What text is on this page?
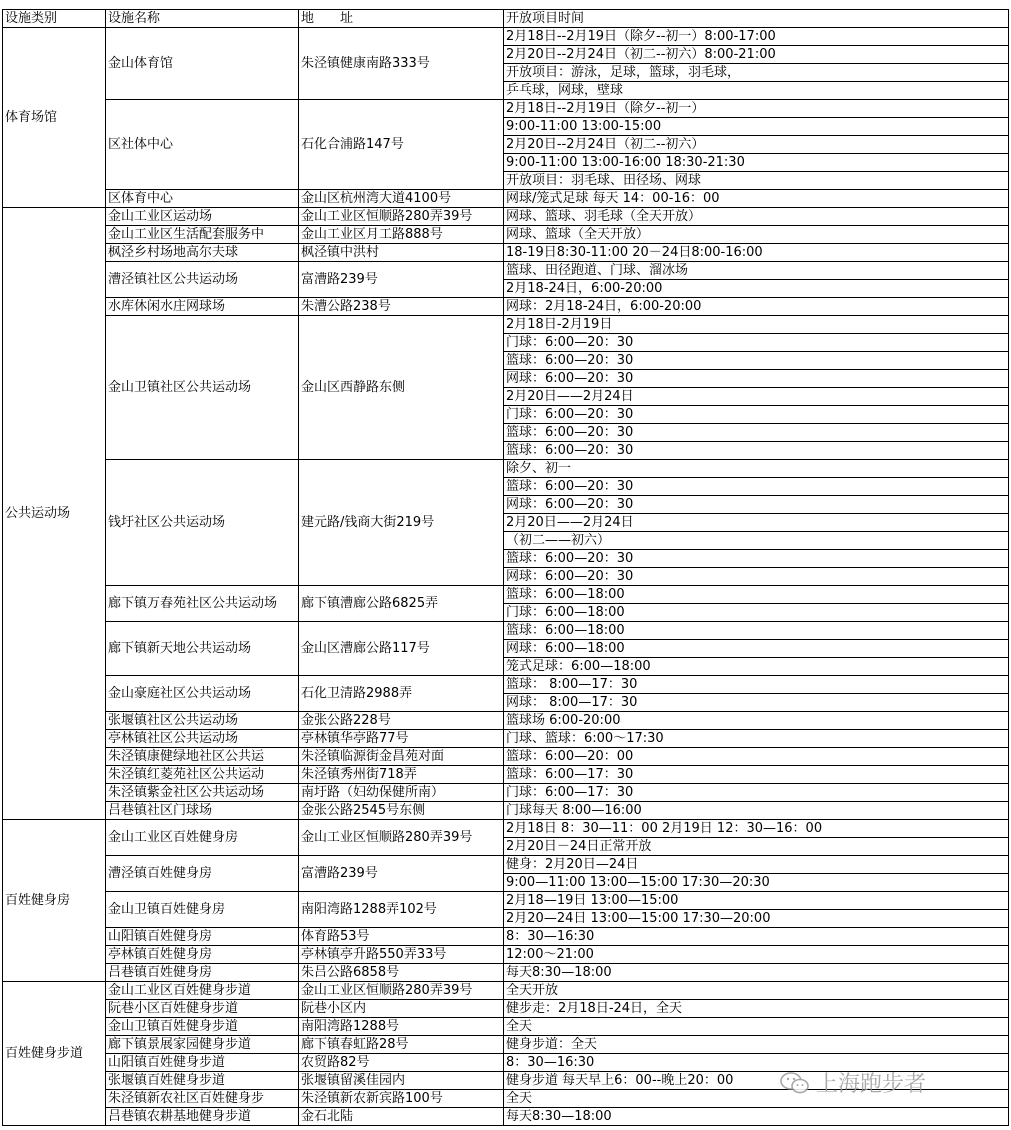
设施类别	设施名称	地　　址	开放项目时间
体育场馆	金山体育馆	朱泾镇健康南路333号	2月18日--2月19日（除夕--初一）8:00-17:00
			2月20日--2月24日（初二--初六）8:00-21:00
			开放项目：游泳，足球，篮球，羽毛球，
			乒乓球，网球，壁球
	区社体中心	石化合浦路147号	2月18日--2月19日（除夕--初一）
			9:00-11:00 13:00-15:00
			2月20日--2月24日（初二--初六）
			9:00-11:00 13:00-16:00 18:30-21:30
			开放项目：羽毛球、田径场、网球
	区体育中心	金山区杭州湾大道4100号	网球/笼式足球 每天 14：00-16：00
公共运动场	金山工业区运动场	金山工业区恒顺路280弄39号	网球、篮球、羽毛球（全天开放）
	金山工业区生活配套服务中	金山工业区月工路888号	网球、篮球（全天开放）
	枫泾乡村场地高尔夫球	枫泾镇中洪村	18-19日8:30-11:00 20－24日8:00-16:00
	漕泾镇社区公共运动场	富漕路239号	篮球、田径跑道、门球、溜冰场
			2月18-24日，6:00-20:00
	水库休闲水庄网球场	朱漕公路238号	网球：2月18-24日，6:00-20:00
	金山卫镇社区公共运动场	金山区西静路东侧	2月18日-2月19日
			门球：6:00—20：30
			篮球：6:00—20：30
			网球：6:00—20：30
			2月20日——2月24日
			门球：6:00—20：30
			篮球：6:00—20：30
			篮球：6:00—20：30
	钱圩社区公共运动场	建元路/钱商大街219号	除夕、初一
			篮球：6:00—20：30
			网球：6:00—20：30
			2月20日——2月24日
			（初二——初六）
			篮球：6:00—20：30
			网球：6:00—20：30
	廊下镇万春苑社区公共运动场	廊下镇漕廊公路6825弄	篮球：6:00—18:00
			门球：6:00—18:00
	廊下镇新天地公共运动场	金山区漕廊公路117号	篮球：6:00—18:00
			网球：6:00—18:00
			笼式足球：6:00—18:00
	金山豪庭社区公共运动场	石化卫清路2988弄	篮球： 8:00—17：30
			网球： 8:00—17：30
	张堰镇社区公共运动场	金张公路228号	篮球场 6:00-20:00
	亭林镇社区公共运动场	亭林镇华亭路77号	门球、篮球：6:00～17:30
	朱泾镇康健绿地社区公共运	朱泾镇临源街金昌苑对面	篮球：6:00—20：00
	朱泾镇红菱苑社区公共运动	朱泾镇秀州街718弄	篮球：6:00—17：30
	朱泾镇紫金社区公共运动场	南圩路（妇幼保健所南）	门球：6:00—17：30
	吕巷镇社区门球场	金张公路2545号东侧	门球每天 8:00—16:00
百姓健身房	金山工业区百姓健身房	金山工业区恒顺路280弄39号	2月18日 8：30—11：00 2月19日 12：30—16：00
			2月20日－24日正常开放
	漕泾镇百姓健身房	富漕路239号	健身：2月20日—24日
			9:00—11:00 13:00—15:00 17:30—20:30
	金山卫镇百姓健身房	南阳湾路1288弄102号	2月18—19日 13:00—15:00
			2月20—24日 13:00—15:00 17:30—20:00
	山阳镇百姓健身房	体育路53号	8：30—16:30
	亭林镇百姓健身房	亭林镇亭升路550弄33号	12:00～21:00
	吕巷镇百姓健身房	朱吕公路6858号	每天8:30—18:00
百姓健身步道	金山工业区百姓健身步道	金山工业区恒顺路280弄39号	全天开放
	阮巷小区百姓健身步道	阮巷小区内	健步走：2月18日-24日，全天
	金山卫镇百姓健身步道	南阳湾路1288号	全天
	廊下镇景展家园健身步道	廊下镇春虹路28号	健身步道：全天
	山阳镇百姓健身步道	农贸路82号	8：30—16:30
	张堰镇百姓健身步道	张堰镇留溪佳园内	健身步道 每天早上6：00--晚上20：00
	朱泾镇新农社区百姓健身步	朱泾镇新农新宾路100号	全天
	吕巷镇农耕基地健身步道	金石北陆	每天8:30—18:00
上海跑步者
